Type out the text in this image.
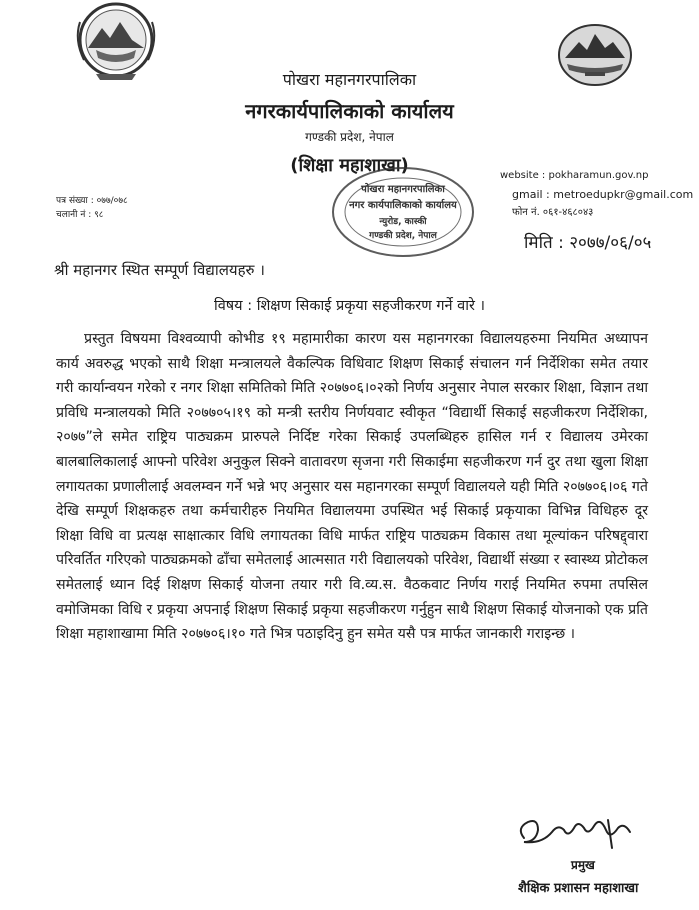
पोखरा महानगरपालिका
नगरकार्यपालिकाको कार्यालय
गण्डकी प्रदेश, नेपाल
(शिक्षा महाशाखा)
पोखरा महानगरपालिका
नगर कार्यपालिकाको कार्यालय
न्युरोड, कास्की
गण्डकी प्रदेश, नेपाल
website : pokharamun.gov.np
gmail : metroedupkr@gmail.com
फोन नं. ०६१-४६८०४३
पत्र संख्या : ०७७/०७८
चलानी नं : ९८
मिति : २०७७/०६/०५
श्री महानगर स्थित सम्पूर्ण विद्यालयहरु ।
विषय : शिक्षण सिकाई प्रकृया सहजीकरण गर्ने वारे ।
प्रस्तुत विषयमा विश्वव्यापी कोभीड १९ महामारीका कारण यस महानगरका विद्यालयहरुमा नियमित अध्यापन कार्य अवरुद्ध भएको साथै शिक्षा मन्त्रालयले वैकल्पिक विधिवाट शिक्षण सिकाई संचालन गर्न निर्देशिका समेत तयार गरी कार्यान्वयन गरेको र नगर शिक्षा समितिको मिति २०७७०६।०२को निर्णय अनुसार नेपाल सरकार शिक्षा, विज्ञान तथा प्रविधि मन्त्रालयको मिति २०७७०५।१९ को मन्त्री स्तरीय निर्णयवाट स्वीकृत “विद्यार्थी सिकाई सहजीकरण निर्देशिका, २०७७”ले समेत राष्ट्रिय पाठ्यक्रम प्रारुपले निर्दिष्ट गरेका सिकाई उपलब्धिहरु हासिल गर्न र विद्यालय उमेरका बालबालिकालाई आफ्नो परिवेश अनुकुल सिक्ने वातावरण सृजना गरी सिकाईमा सहजीकरण गर्न दुर तथा खुला शिक्षा लगायतका प्रणालीलाई अवलम्वन गर्ने भन्ने भए अनुसार यस महानगरका सम्पूर्ण विद्यालयले यही मिति २०७७०६।०६ गते देखि सम्पूर्ण शिक्षकहरु तथा कर्मचारीहरु नियमित विद्यालयमा उपस्थित भई सिकाई प्रकृयाका विभिन्न विधिहरु दूर शिक्षा विधि वा प्रत्यक्ष साक्षात्कार विधि लगायतका विधि मार्फत राष्ट्रिय पाठ्यक्रम विकास तथा मूल्यांकन परिषद्द्वारा परिवर्तित गरिएको पाठ्यक्रमको ढाँचा समेतलाई आत्मसात गरी विद्यालयको परिवेश, विद्यार्थी संख्या र स्वास्थ्य प्रोटोकल समेतलाई ध्यान दिई शिक्षण सिकाई योजना तयार गरी वि.व्य.स. वैठकवाट निर्णय गराई नियमित रुपमा तपसिल वमोजिमका विधि र प्रकृया अपनाई शिक्षण सिकाई प्रकृया सहजीकरण गर्नुहुन साथै शिक्षण सिकाई योजनाको एक प्रति शिक्षा महाशाखामा मिति २०७७०६।१० गते भित्र पठाइदिनु हुन समेत यसै पत्र मार्फत जानकारी गराइन्छ ।
प्रमुख
शैक्षिक प्रशासन महाशाखा
